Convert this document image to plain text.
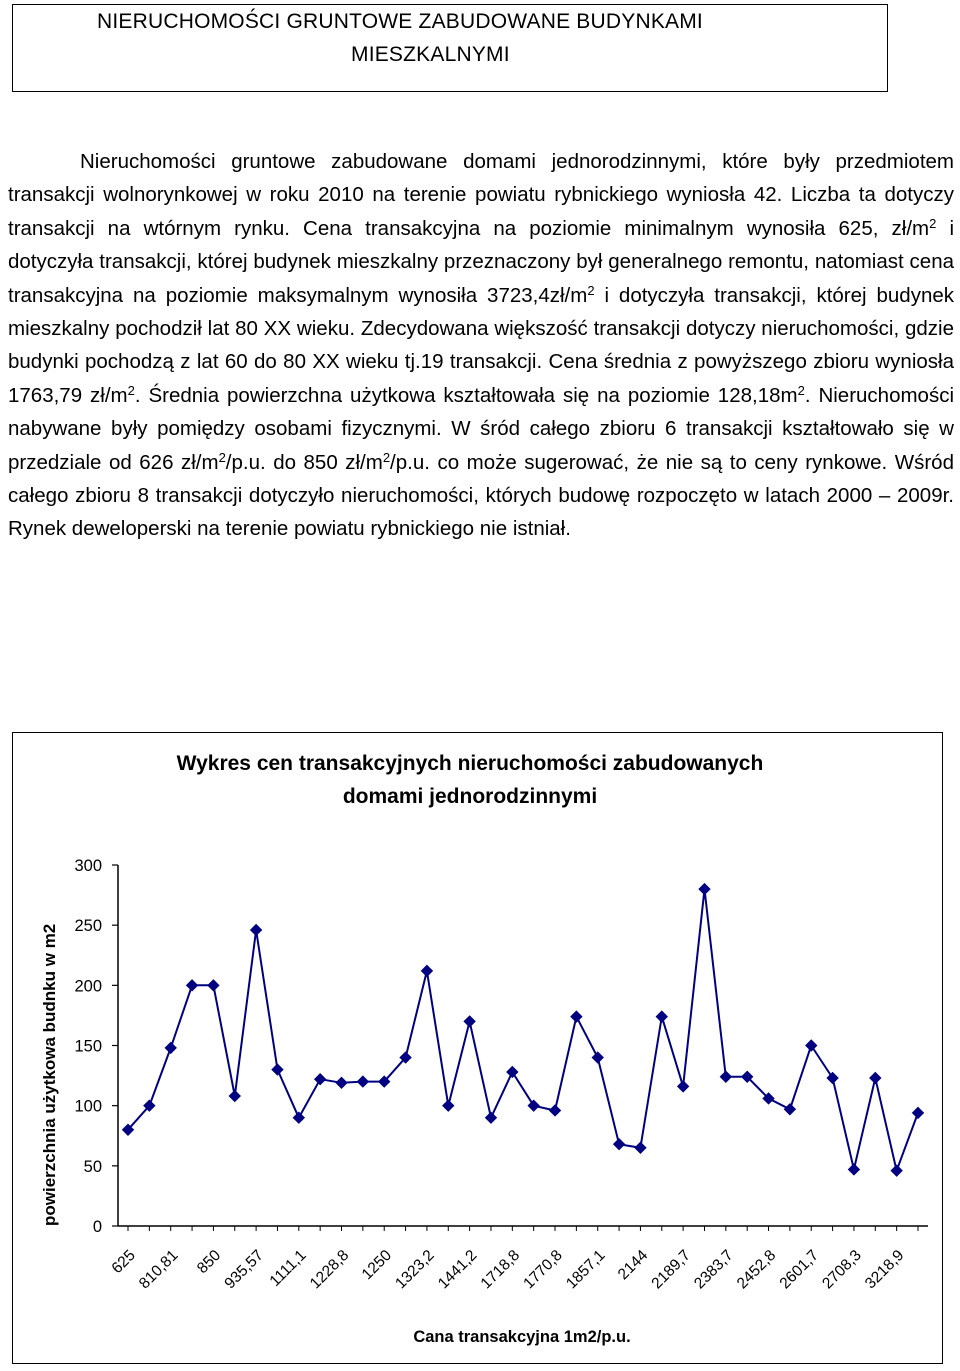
NIERUCHOMOŚCI GRUNTOWE ZABUDOWANE BUDYNKAMI
MIESZKALNYMI

Nieruchomości gruntowe zabudowane domami jednorodzinnymi, które były przedmiotem transakcji wolnorynkowej w roku 2010 na terenie powiatu rybnickiego wyniosła 42. Liczba ta dotyczy transakcji na wtórnym rynku. Cena transakcyjna na poziomie minimalnym wynosiła 625, $zł/m^2$ i dotyczyła transakcji, której budynek mieszkalny przeznaczony był generalnego remontu, natomiast cena transakcyjna na poziomie maksymalnym wynosiła $3723,4zł/m^2$ i dotyczyła transakcji, której budynek mieszkalny pochodził lat 80 XX wieku. Zdecydowana większość transakcji dotyczy nieruchomości, gdzie budynki pochodzą z lat 60 do 80 XX wieku tj.19 transakcji. Cena średnia z powyższego zbioru wyniosła 1763,79 $zł/m^2$. Średnia powierzchna użytkowa kształtowała się na poziomie $128,18m^2$. Nieruchomości nabywane były pomiędzy osobami fizycznymi. W śród całego zbioru 6 transakcji kształtowało się w przedziale od 626 $zł/m^2/p.u$. do 850 $zł/m^2/p.u$. co może sugerować, że nie są to ceny rynkowe. Wśród całego zbioru 8 transakcji dotyczyło nieruchomości, których budowę rozpoczęto w latach 2000 – 2009r. Rynek deweloperski na terenie powiatu rybnickiego nie istniał.

Wykres cen transakcyjnych nieruchomości zabudowanych
domami jednorodzinnymi
0
50
100
150
200
250
300
625
810,81 850
935,57 1111,1
1228,8 1250
1323,2
1441,2
1718,8
1770,8
1857,1 2144
2189,7
2383,7
2452,8
2601,7
2708,3
3218,9
powierzchnia użytkowa budnku w m2
Cana transakcyjna 1m2/p.u.
